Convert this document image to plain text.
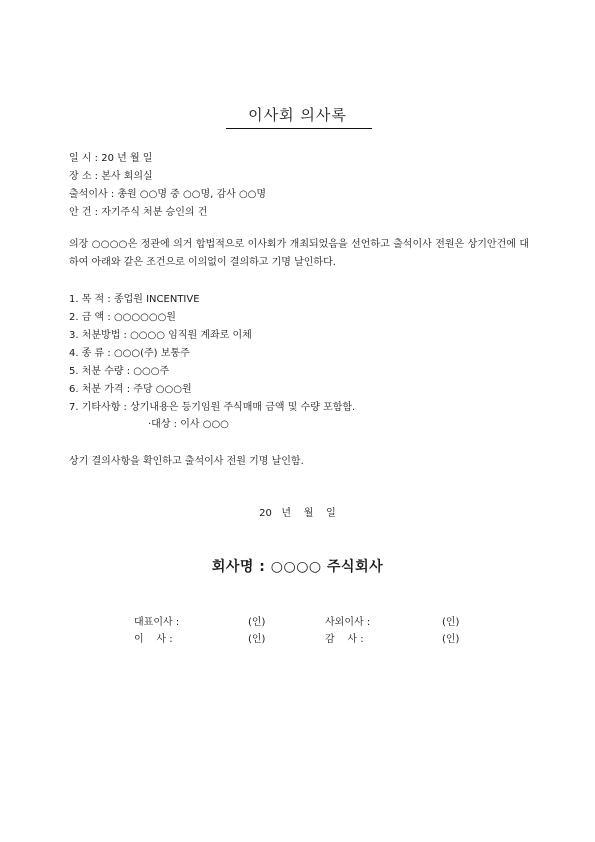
이사회 의사록
일 시 : 20 년 월 일
장 소 : 본사 회의실
출석이사 : 총원 ○○명 중 ○○명, 감사 ○○명
안 건 : 자기주식 처분 승인의 건
의장 ○○○○은 정관에 의거 합법적으로 이사회가 개최되었음을 선언하고 출석이사 전원은 상기안건에 대하여 아래와 같은 조건으로 이의없이 결의하고 기명 날인하다.
1. 목 적 : 종업원 INCENTIVE
2. 금 액 : ○○○○○○원
3. 처분방법 : ○○○○ 임직원 계좌로 이체
4. 종 류 : ○○○(주) 보통주
5. 처분 수량 : ○○○주
6. 처분 가격 : 주당 ○○○원
7. 기타사항 : 상기내용은 등기임원 주식매매 금액 및 수량 포함함.
·대상 : 이사 ○○○
상기 결의사항을 확인하고 출석이사 전원 기명 날인함.
20   년    월    일
회사명 : ○○○○ 주식회사
대표이사 :	(인)	사외이사 :	(인)
이    사 :	(인)	감    사 :	(인)
